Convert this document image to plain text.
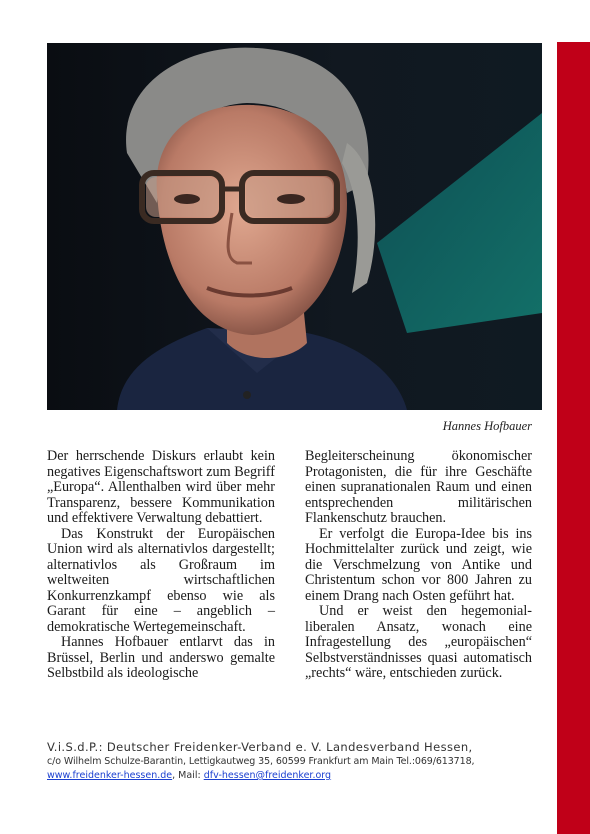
Hannes Hofbauer

Der herrschende Diskurs erlaubt kein negatives Eigenschaftswort zum Begriff „Europa“. Allenthalben wird über mehr Transparenz, bessere Kommunikation und effektivere Verwaltung debattiert.

Das Konstrukt der Europäischen Union wird als alternativlos dargestellt; alternativlos als Großraum im weltweiten wirtschaftlichen Konkurrenzkampf ebenso wie als Garant für eine – angeblich – demokratische Wertegemeinschaft.

Hannes Hofbauer entlarvt das in Brüssel, Berlin und anderswo gemalte Selbstbild als ideologische

Begleiterscheinung ökonomischer Protagonisten, die für ihre Geschäfte einen supranationalen Raum und einen entsprechenden militärischen Flankenschutz brauchen.

Er verfolgt die Europa-Idee bis ins Hochmittelalter zurück und zeigt, wie die Verschmelzung von Antike und Christentum schon vor 800 Jahren zu einem Drang nach Osten geführt hat.

Und er weist den hegemonialliberalen Ansatz, wonach eine Infragestellung des „europäischen“ Selbstverständnisses quasi automatisch „rechts“ wäre, entschieden zurück.

V.i.S.d.P.: Deutscher Freidenker-Verband e. V. Landesverband Hessen,
c/o Wilhelm Schulze-Barantin, Lettigkautweg 35, 60599 Frankfurt am Main Tel.:069/613718,
www.freidenker-hessen.de, Mail: dfv-hessen@freidenker.org
